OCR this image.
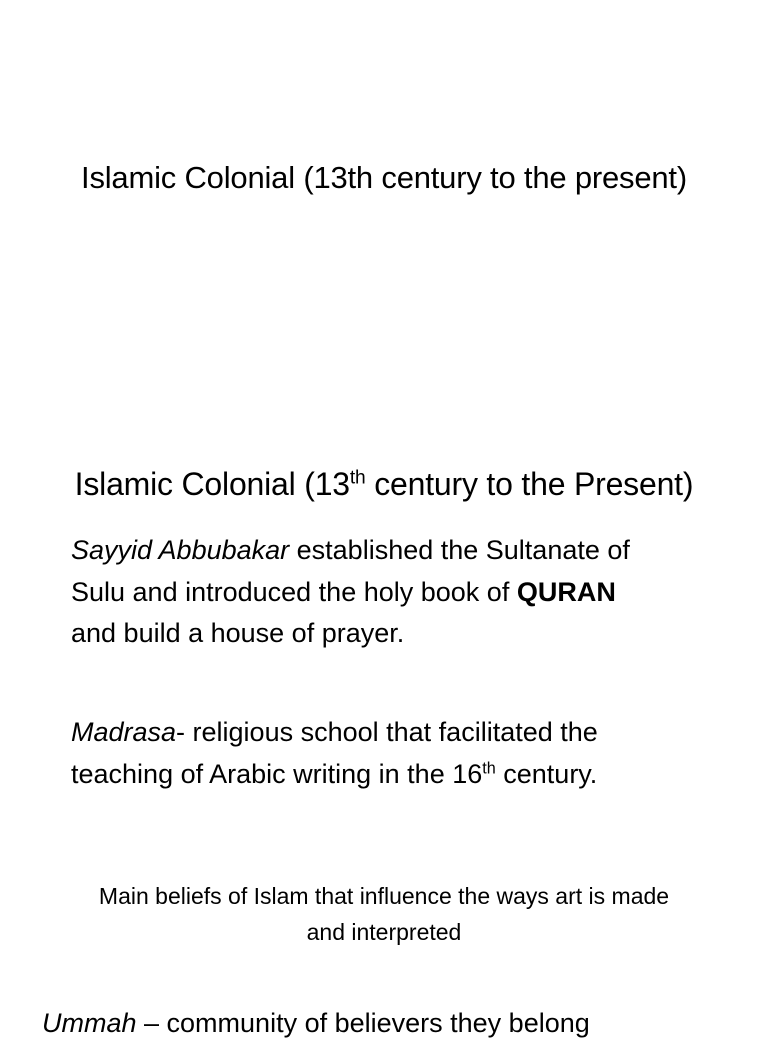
Islamic Colonial (13th century to the present)
Islamic Colonial (13th century to the Present)

Sayyid Abbubakar established the Sultanate of
Sulu and introduced the holy book of QURAN
and build a house of prayer.

Madrasa- religious school that facilitated the
teaching of Arabic writing in the 16th century.

Main beliefs of Islam that influence the ways art is made
and interpreted

Ummah – community of believers they belong
